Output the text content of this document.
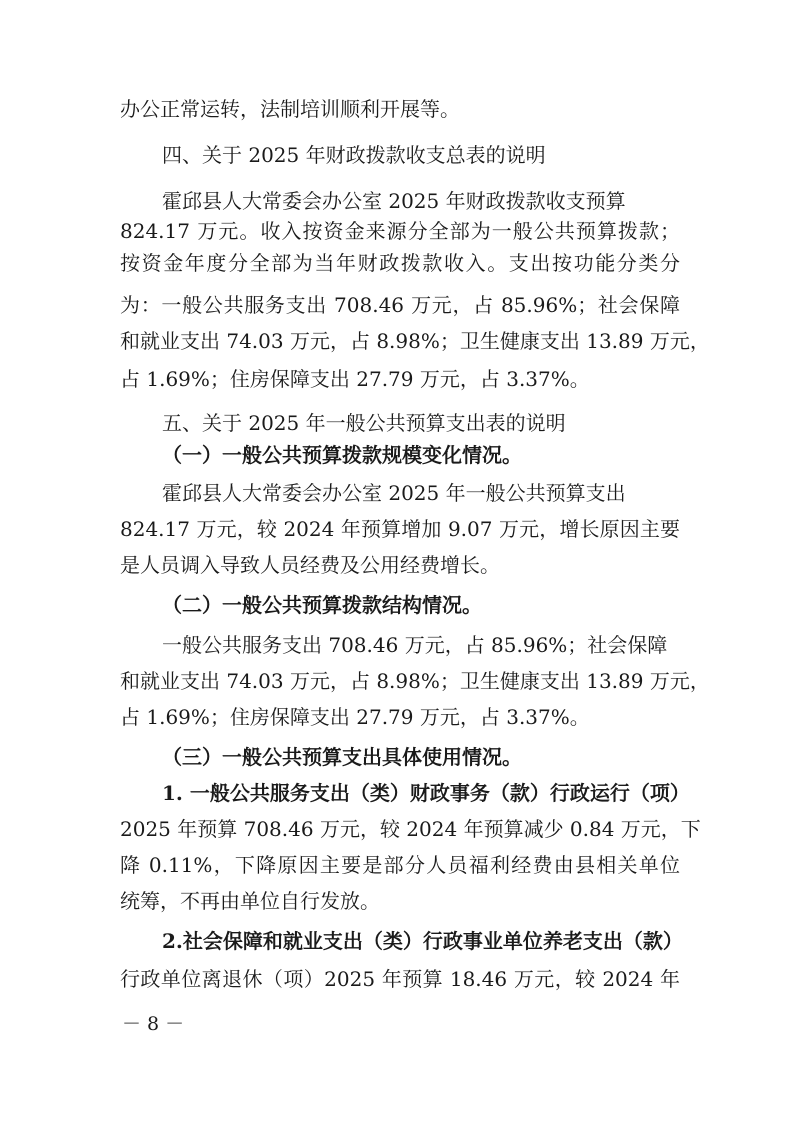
办公正常运转，法制培训顺利开展等。
四、关于 2025 年财政拨款收支总表的说明
霍邱县人大常委会办公室 2025 年财政拨款收支预算
824.17 万元。收入按资金来源分全部为一般公共预算拨款；
按资金年度分全部为当年财政拨款收入。支出按功能分类分
为：一般公共服务支出 708.46 万元，占 85.96%；社会保障
和就业支出 74.03 万元，占 8.98%；卫生健康支出 13.89 万元，
占 1.69%；住房保障支出 27.79 万元，占 3.37%。
五、关于 2025 年一般公共预算支出表的说明
（一）一般公共预算拨款规模变化情况。
霍邱县人大常委会办公室 2025 年一般公共预算支出
824.17 万元，较 2024 年预算增加 9.07 万元，增长原因主要
是人员调入导致人员经费及公用经费增长。
（二）一般公共预算拨款结构情况。
一般公共服务支出 708.46 万元，占 85.96%；社会保障
和就业支出 74.03 万元，占 8.98%；卫生健康支出 13.89 万元，
占 1.69%；住房保障支出 27.79 万元，占 3.37%。
（三）一般公共预算支出具体使用情况。
1. 一般公共服务支出（类）财政事务（款）行政运行（项）
2025 年预算 708.46 万元，较 2024 年预算减少 0.84 万元，下
降 0.11%，下降原因主要是部分人员福利经费由县相关单位
统筹，不再由单位自行发放。
2.社会保障和就业支出（类）行政事业单位养老支出（款）
行政单位离退休（项）2025 年预算 18.46 万元，较 2024 年
－ 8 －
